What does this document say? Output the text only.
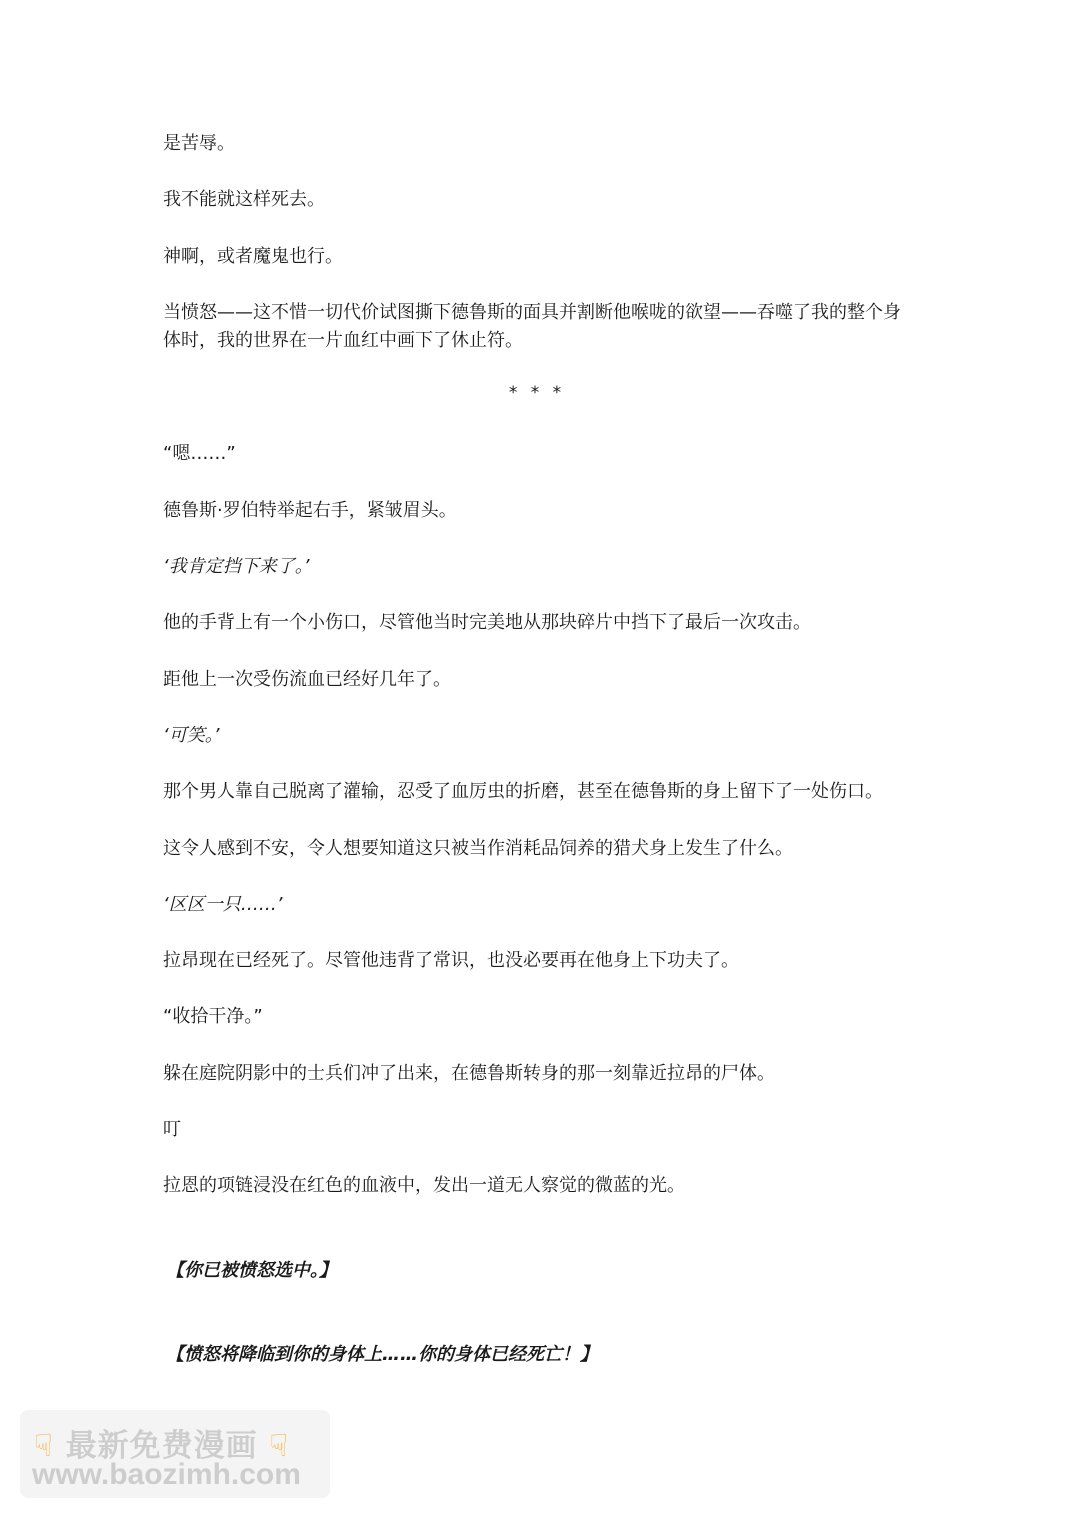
是苦辱。

我不能就这样死去。

神啊，或者魔鬼也行。

当愤怒——这不惜一切代价试图撕下德鲁斯的面具并割断他喉咙的欲望——吞噬了我的整个身体时，我的世界在一片血红中画下了休止符。

* * *

“嗯……”

德鲁斯·罗伯特举起右手，紧皱眉头。

‘我肯定挡下来了。’

他的手背上有一个小伤口，尽管他当时完美地从那块碎片中挡下了最后一次攻击。

距他上一次受伤流血已经好几年了。

‘可笑。’

那个男人靠自己脱离了灌输，忍受了血厉虫的折磨，甚至在德鲁斯的身上留下了一处伤口。

这令人感到不安，令人想要知道这只被当作消耗品饲养的猎犬身上发生了什么。

‘区区一只……’

拉昂现在已经死了。尽管他违背了常识，也没必要再在他身上下功夫了。

“收拾干净。”

躲在庭院阴影中的士兵们冲了出来，在德鲁斯转身的那一刻靠近拉昂的尸体。

叮

拉恩的项链浸没在红色的血液中，发出一道无人察觉的微蓝的光。

【你已被愤怒选中。】

【愤怒将降临到你的身体上……你的身体已经死亡！】

☟ 最新免费漫画 ☟
www.baozimh.com
